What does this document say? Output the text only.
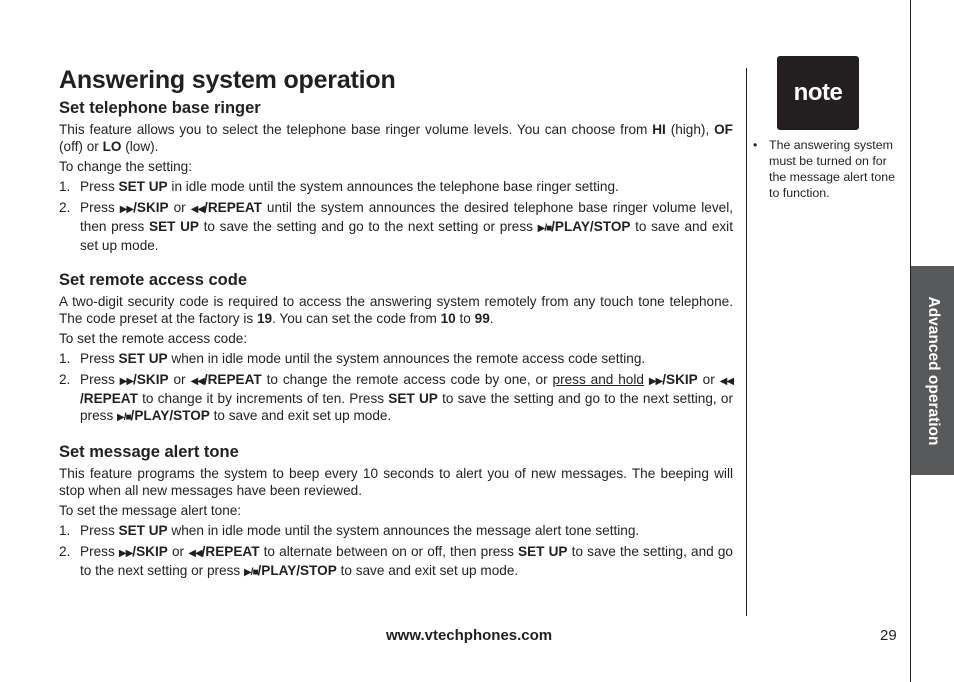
Answering system operation
Set telephone base ringer

This feature allows you to select the telephone base ringer volume levels. You can choose from HI (high), OF (off) or LO (low).

To change the setting:

1. Press SET UP in idle mode until the system announces the telephone base ringer setting.
2. Press ▶▶/SKIP or ◀◀/REPEAT until the system announces the desired telephone base ringer volume level, then press SET UP to save the setting and go to the next setting or press ▶/■/PLAY/STOP to save and exit set up mode.
Set remote access code

A two-digit security code is required to access the answering system remotely from any touch tone telephone. The code preset at the factory is 19. You can set the code from 10 to 99.

To set the remote access code:

1. Press SET UP when in idle mode until the system announces the remote access code setting.
2. Press ▶▶/SKIP or ◀◀/REPEAT to change the remote access code by one, or press and hold ▶▶/SKIP or ◀◀/REPEAT to change it by increments of ten. Press SET UP to save the setting and go to the next setting, or press ▶/■/PLAY/STOP to save and exit set up mode.
Set message alert tone

This feature programs the system to beep every 10 seconds to alert you of new messages. The beeping will stop when all new messages have been reviewed.

To set the message alert tone:

1. Press SET UP when in idle mode until the system announces the message alert tone setting.
2. Press ▶▶/SKIP or ◀◀/REPEAT to alternate between on or off, then press SET UP to save the setting, and go to the next setting or press ▶/■/PLAY/STOP to save and exit set up mode.
note
• The answering system must be turned on for the message alert tone to function.
Advanced operation
www.vtechphones.com	29
